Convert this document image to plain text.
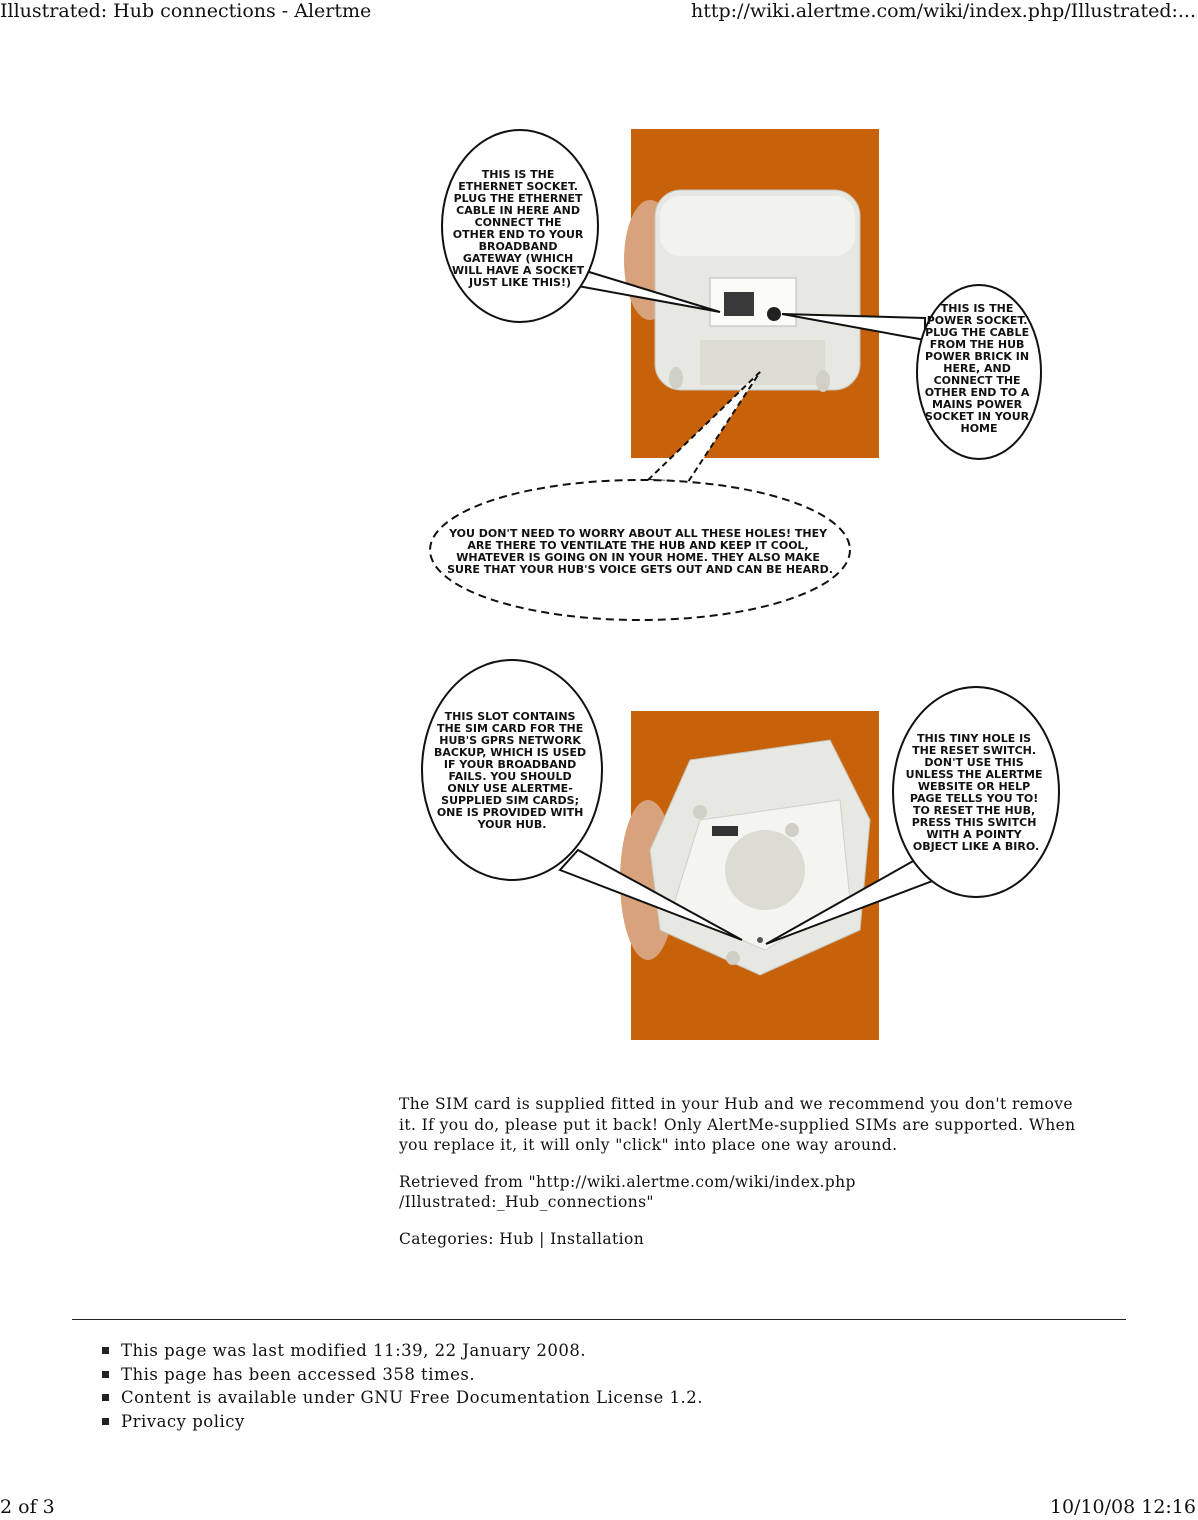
Illustrated: Hub connections - Alertme	http://wiki.alertme.com/wiki/index.php/Illustrated:...
THIS IS THE ETHERNET SOCKET. PLUG THE ETHERNET CABLE IN HERE AND CONNECT THE OTHER END TO YOUR BROADBAND GATEWAY (WHICH WILL HAVE A SOCKET JUST LIKE THIS!)
THIS IS THE POWER SOCKET. PLUG THE CABLE FROM THE HUB POWER BRICK IN HERE, AND CONNECT THE OTHER END TO A MAINS POWER SOCKET IN YOUR HOME
YOU DON'T NEED TO WORRY ABOUT ALL THESE HOLES! THEY ARE THERE TO VENTILATE THE HUB AND KEEP IT COOL, WHATEVER IS GOING ON IN YOUR HOME. THEY ALSO MAKE SURE THAT YOUR HUB'S VOICE GETS OUT AND CAN BE HEARD.
THIS SLOT CONTAINS THE SIM CARD FOR THE HUB'S GPRS NETWORK BACKUP, WHICH IS USED IF YOUR BROADBAND FAILS. YOU SHOULD ONLY USE ALERTME- SUPPLIED SIM CARDS; ONE IS PROVIDED WITH YOUR HUB.
THIS TINY HOLE IS THE RESET SWITCH. DON'T USE THIS UNLESS THE ALERTME WEBSITE OR HELP PAGE TELLS YOU TO! TO RESET THE HUB, PRESS THIS SWITCH WITH A POINTY OBJECT LIKE A BIRO.

The SIM card is supplied fitted in your Hub and we recommend you don't remove it. If you do, please put it back! Only AlertMe-supplied SIMs are supported. When you replace it, it will only "click" into place one way around.

Retrieved from "http://wiki.alertme.com/wiki/index.php
/Illustrated:_Hub_connections"

Categories: Hub | Installation

This page was last modified 11:39, 22 January 2008.
This page has been accessed 358 times.
Content is available under GNU Free Documentation License 1.2.
Privacy policy
2 of 3	10/10/08 12:16
